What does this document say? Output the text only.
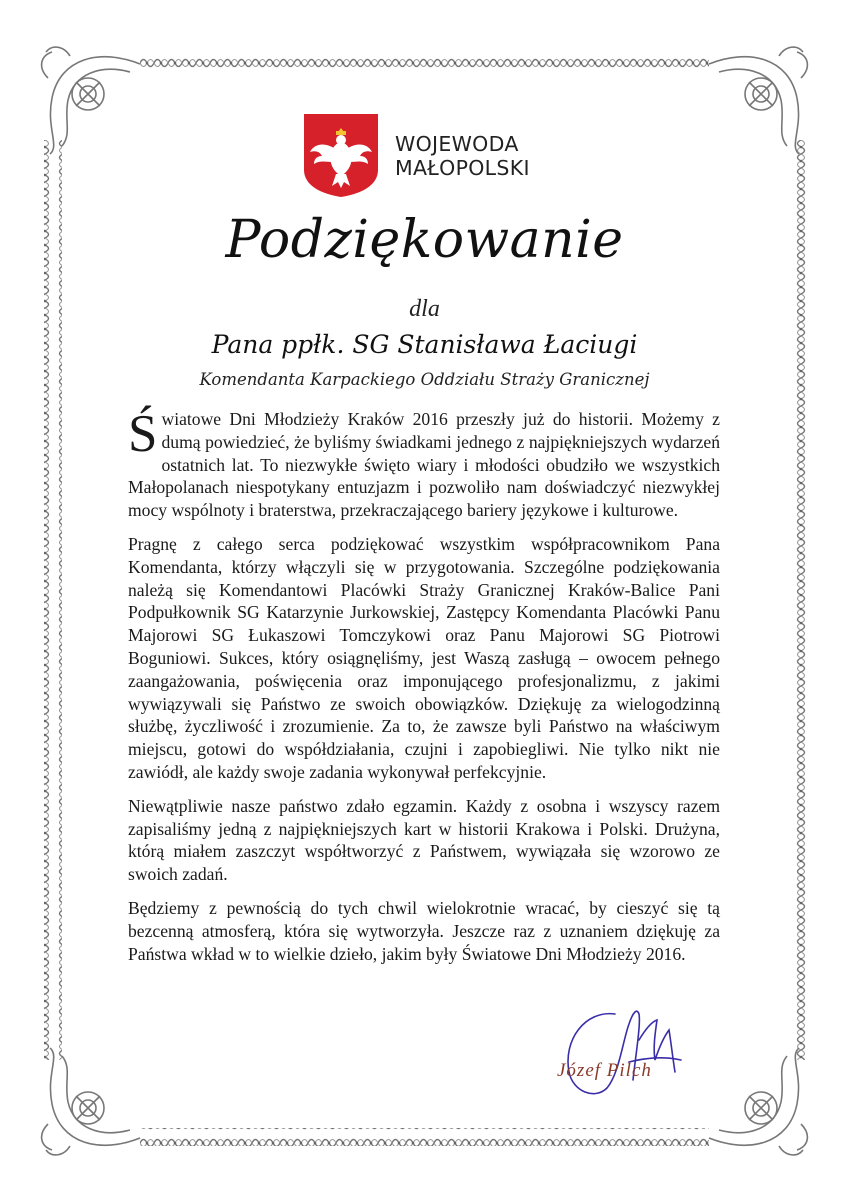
WOJEWODA
MAŁOPOLSKI
Podziękowanie
dla
Pana ppłk. SG Stanisława Łaciugi
Komendanta Karpackiego Oddziału Straży Granicznej

Światowe Dni Młodzieży Kraków 2016 przeszły już do historii. Możemy z dumą powiedzieć, że byliśmy świadkami jednego z najpiękniejszych wydarzeń ostatnich lat. To niezwykłe święto wiary i młodości obudziło we wszystkich Małopolanach niespotykany entuzjazm i pozwoliło nam doświadczyć niezwykłej mocy wspólnoty i braterstwa, przekraczającego bariery językowe i kulturowe.

Pragnę z całego serca podziękować wszystkim współpracownikom Pana Komendanta, którzy włączyli się w przygotowania. Szczególne podziękowania należą się Komendantowi Placówki Straży Granicznej Kraków-Balice Pani Podpułkownik SG Katarzynie Jurkowskiej, Zastępcy Komendanta Placówki Panu Majorowi SG Łukaszowi Tomczykowi oraz Panu Majorowi SG Piotrowi Boguniowi. Sukces, który osiągnęliśmy, jest Waszą zasługą – owocem pełnego zaangażowania, poświęcenia oraz imponującego profesjonalizmu, z jakimi wywiązywali się Państwo ze swoich obowiązków. Dziękuję za wielogodzinną służbę, życzliwość i zrozumienie. Za to, że zawsze byli Państwo na właściwym miejscu, gotowi do współdziałania, czujni i zapobiegliwi. Nie tylko nikt nie zawiódł, ale każdy swoje zadania wykonywał perfekcyjnie.

Niewątpliwie nasze państwo zdało egzamin. Każdy z osobna i wszyscy razem zapisaliśmy jedną z najpiękniejszych kart w historii Krakowa i Polski. Drużyna, którą miałem zaszczyt współtworzyć z Państwem, wywiązała się wzorowo ze swoich zadań.

Będziemy z pewnością do tych chwil wielokrotnie wracać, by cieszyć się tą bezcenną atmosferą, która się wytworzyła. Jeszcze raz z uznaniem dziękuję za Państwa wkład w to wielkie dzieło, jakim były Światowe Dni Młodzieży 2016.

Józef Pilch
